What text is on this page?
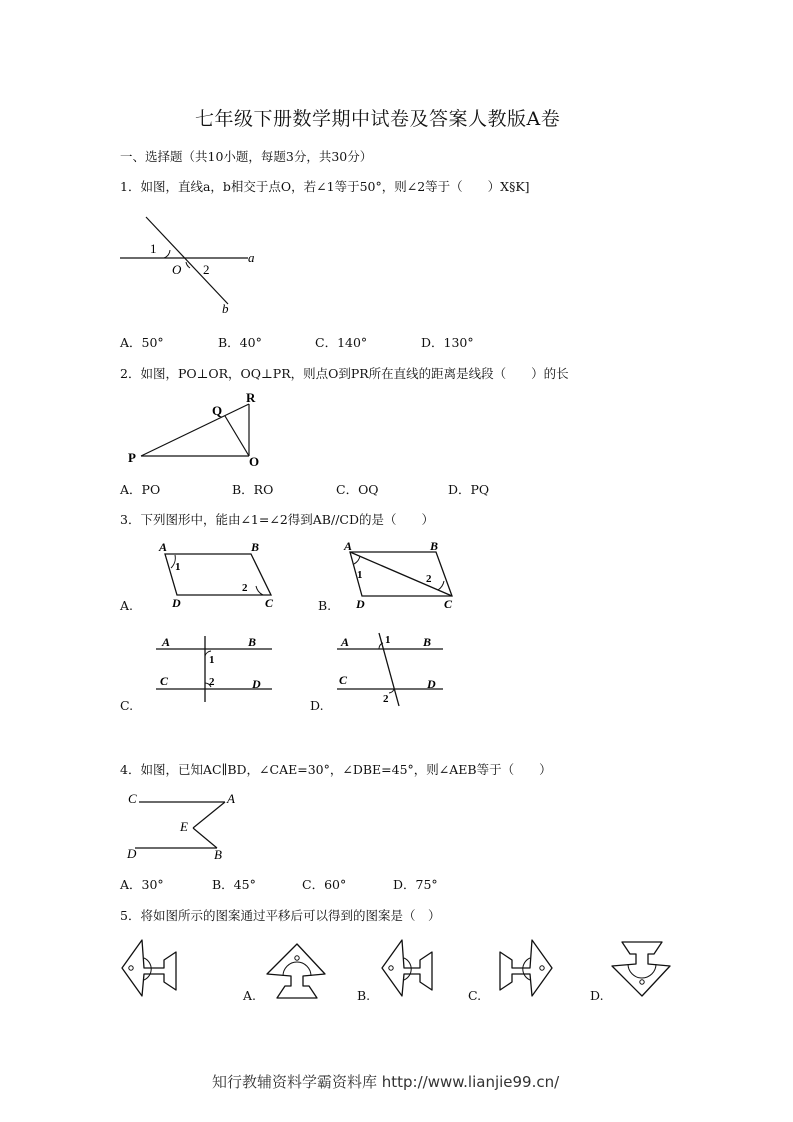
七年级下册数学期中试卷及答案人教版A卷
一、选择题（共10小题，每题3分，共30分）
1．如图，直线a，b相交于点O，若∠1等于50°，则∠2等于（　　）X§K]
1
O 2
a
b
A．50°	B．40°	C．140°	D．130°
2．如图，PO⊥OR，OQ⊥PR，则点O到PR所在直线的距离是线段（　　）的长
P
Q
R
O
A．PO	B．RO	C．OQ	D．PQ
3．下列图形中，能由∠1=∠2得到AB//CD的是（　　）
A	B
C
D
1
2
A.
A	B
C
D
1	2
B.
A	B
C	D
1
2
C.
A	B
C	D
1
2
D.
4．如图，已知AC∥BD，∠CAE=30°，∠DBE=45°，则∠AEB等于（　　）
C	A
E
D	B
A．30°	B．45°	C．60°	D．75°
5．将如图所示的图案通过平移后可以得到的图案是（　）
A.	B.	C.	D.
知行教辅资料学霸资料库 http://www.lianjie99.cn/
